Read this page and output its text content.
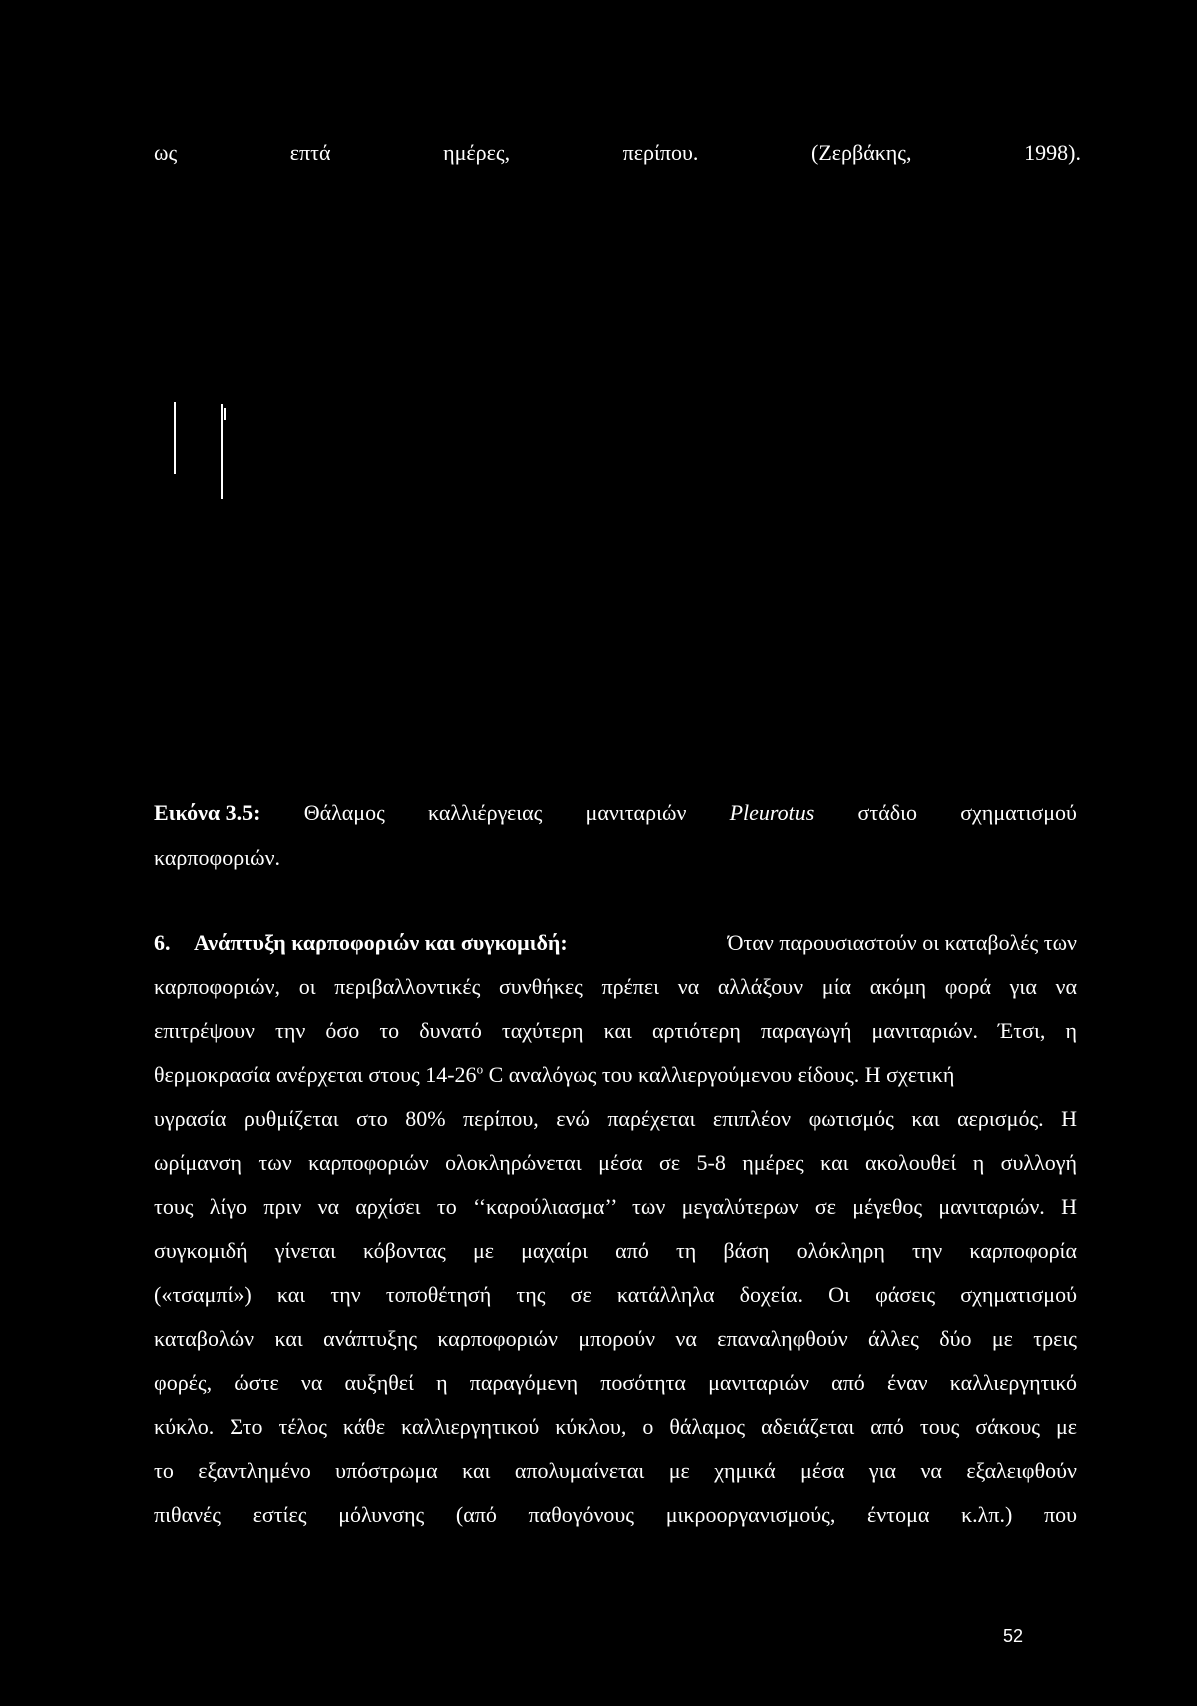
ως	επτά	ημέρες,	περίπου.	(Ζερβάκης,	1998).
Εικόνα 3.5: Θάλαμος καλλιέργειας μανιταριών Pleurotus στάδιο σχηματισμού
καρποφοριών.
6. Ανάπτυξη καρποφοριών και συγκομιδή:	Όταν παρουσιαστούν οι καταβολές των
καρποφοριών, οι περιβαλλοντικές συνθήκες πρέπει να αλλάξουν μία ακόμη φορά για να
επιτρέψουν την όσο το δυνατό ταχύτερη και αρτιότερη παραγωγή μανιταριών. Έτσι, η
θερμοκρασία ανέρχεται στους 14-26$^o$ C αναλόγως του καλλιεργούμενου είδους. Η σχετική
υγρασία ρυθμίζεται στο 80% περίπου, ενώ παρέχεται επιπλέον φωτισμός και αερισμός. Η
ωρίμανση των καρποφοριών ολοκληρώνεται μέσα σε 5-8 ημέρες και ακολουθεί η συλλογή
τους λίγο πριν να αρχίσει το ‘‘καρούλιασμα’’ των μεγαλύτερων σε μέγεθος μανιταριών. Η
συγκομιδή γίνεται κόβοντας με μαχαίρι από τη βάση ολόκληρη την καρποφορία
(«τσαμπί») και την τοποθέτησή της σε κατάλληλα δοχεία. Οι φάσεις σχηματισμού
καταβολών και ανάπτυξης καρποφοριών μπορούν να επαναληφθούν άλλες δύο με τρεις
φορές, ώστε να αυξηθεί η παραγόμενη ποσότητα μανιταριών από έναν καλλιεργητικό
κύκλο. Στο τέλος κάθε καλλιεργητικού κύκλου, ο θάλαμος αδειάζεται από τους σάκους με
το εξαντλημένο υπόστρωμα και απολυμαίνεται με χημικά μέσα για να εξαλειφθούν
πιθανές εστίες μόλυνσης (από παθογόνους μικροοργανισμούς, έντομα κ.λπ.) που
52
